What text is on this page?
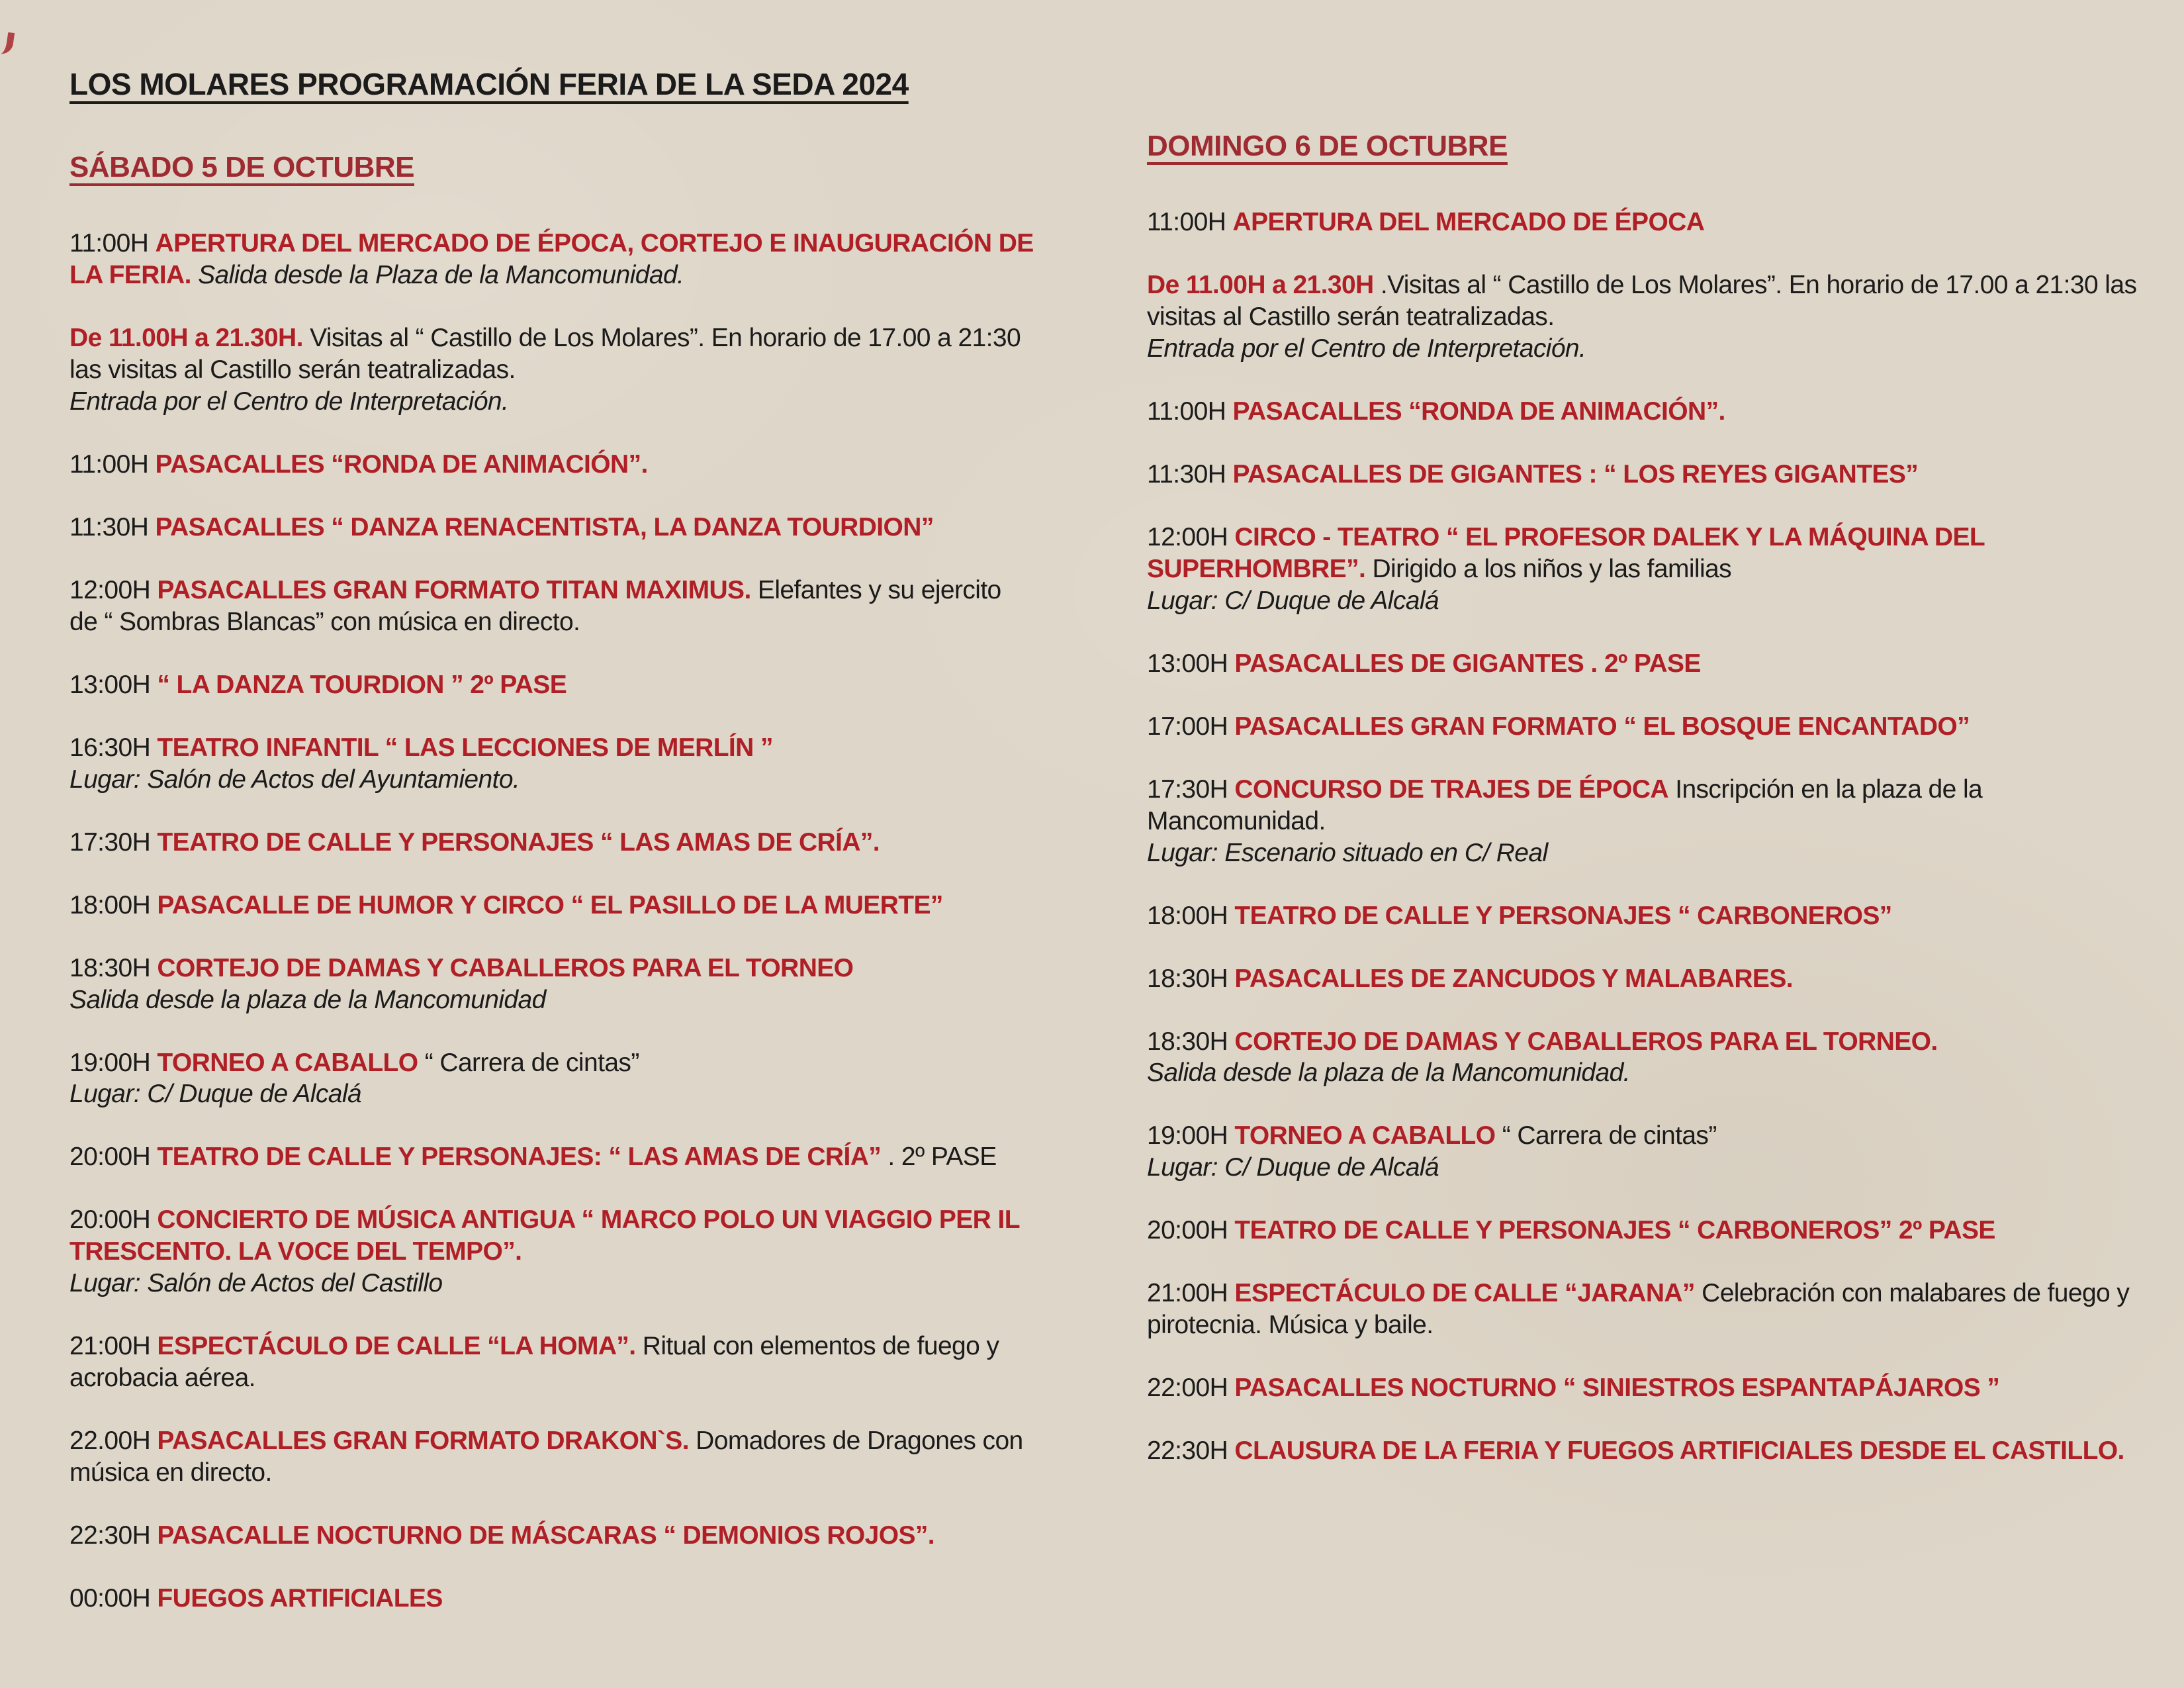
LOS MOLARES PROGRAMACIÓN FERIA DE LA SEDA 2024
SÁBADO 5 DE OCTUBRE
11:00H APERTURA DEL MERCADO DE ÉPOCA, CORTEJO E INAUGURACIÓN DE LA FERIA. Salida desde la Plaza de la Mancomunidad.
De 11.00H a 21.30H. Visitas al “ Castillo de Los Molares”. En horario de 17.00 a 21:30 las visitas al Castillo serán teatralizadas.
Entrada por el Centro de Interpretación.
11:00H PASACALLES “RONDA DE ANIMACIÓN”.
11:30H PASACALLES “ DANZA RENACENTISTA, LA DANZA TOURDION”
12:00H PASACALLES GRAN FORMATO TITAN MAXIMUS. Elefantes y su ejercito de “ Sombras Blancas” con música en directo.
13:00H “ LA DANZA TOURDION ” 2º PASE
16:30H TEATRO INFANTIL “ LAS LECCIONES DE MERLÍN ”
Lugar: Salón de Actos del Ayuntamiento.
17:30H TEATRO DE CALLE Y PERSONAJES “ LAS AMAS DE CRÍA”.
18:00H PASACALLE DE HUMOR Y CIRCO “ EL PASILLO DE LA MUERTE”
18:30H CORTEJO DE DAMAS Y CABALLEROS PARA EL TORNEO
Salida desde la plaza de la Mancomunidad
19:00H TORNEO A CABALLO “ Carrera de cintas”
Lugar: C/ Duque de Alcalá
20:00H TEATRO DE CALLE Y PERSONAJES: “ LAS AMAS DE CRÍA” . 2º PASE
20:00H CONCIERTO DE MÚSICA ANTIGUA “ MARCO POLO UN VIAGGIO PER IL TRESCENTO. LA VOCE DEL TEMPO”.
Lugar: Salón de Actos del Castillo
21:00H ESPECTÁCULO DE CALLE “LA HOMA”. Ritual con elementos de fuego y acrobacia aérea.
22.00H PASACALLES GRAN FORMATO DRAKON`S. Domadores de Dragones con música en directo.
22:30H PASACALLE NOCTURNO DE MÁSCARAS “ DEMONIOS ROJOS”.
00:00H FUEGOS ARTIFICIALES
DOMINGO 6 DE OCTUBRE
11:00H APERTURA DEL MERCADO DE ÉPOCA
De 11.00H a 21.30H .Visitas al “ Castillo de Los Molares”. En horario de 17.00 a 21:30 las visitas al Castillo serán teatralizadas.
Entrada por el Centro de Interpretación.
11:00H PASACALLES “RONDA DE ANIMACIÓN”.
11:30H PASACALLES DE GIGANTES : “ LOS REYES GIGANTES”
12:00H CIRCO - TEATRO “ EL PROFESOR DALEK Y LA MÁQUINA DEL SUPERHOMBRE”. Dirigido a los niños y las familias
Lugar: C/ Duque de Alcalá
13:00H PASACALLES DE GIGANTES . 2º PASE
17:00H PASACALLES GRAN FORMATO “ EL BOSQUE ENCANTADO”
17:30H CONCURSO DE TRAJES DE ÉPOCA Inscripción en la plaza de la Mancomunidad.
Lugar: Escenario situado en C/ Real
18:00H TEATRO DE CALLE Y PERSONAJES “ CARBONEROS”
18:30H PASACALLES DE ZANCUDOS Y MALABARES.
18:30H CORTEJO DE DAMAS Y CABALLEROS PARA EL TORNEO.
Salida desde la plaza de la Mancomunidad.
19:00H TORNEO A CABALLO “ Carrera de cintas”
Lugar: C/ Duque de Alcalá
20:00H TEATRO DE CALLE Y PERSONAJES “ CARBONEROS” 2º PASE
21:00H ESPECTÁCULO DE CALLE “JARANA” Celebración con malabares de fuego y pirotecnia. Música y baile.
22:00H PASACALLES NOCTURNO “ SINIESTROS ESPANTAPÁJAROS ”
22:30H CLAUSURA DE LA FERIA Y FUEGOS ARTIFICIALES DESDE EL CASTILLO.
